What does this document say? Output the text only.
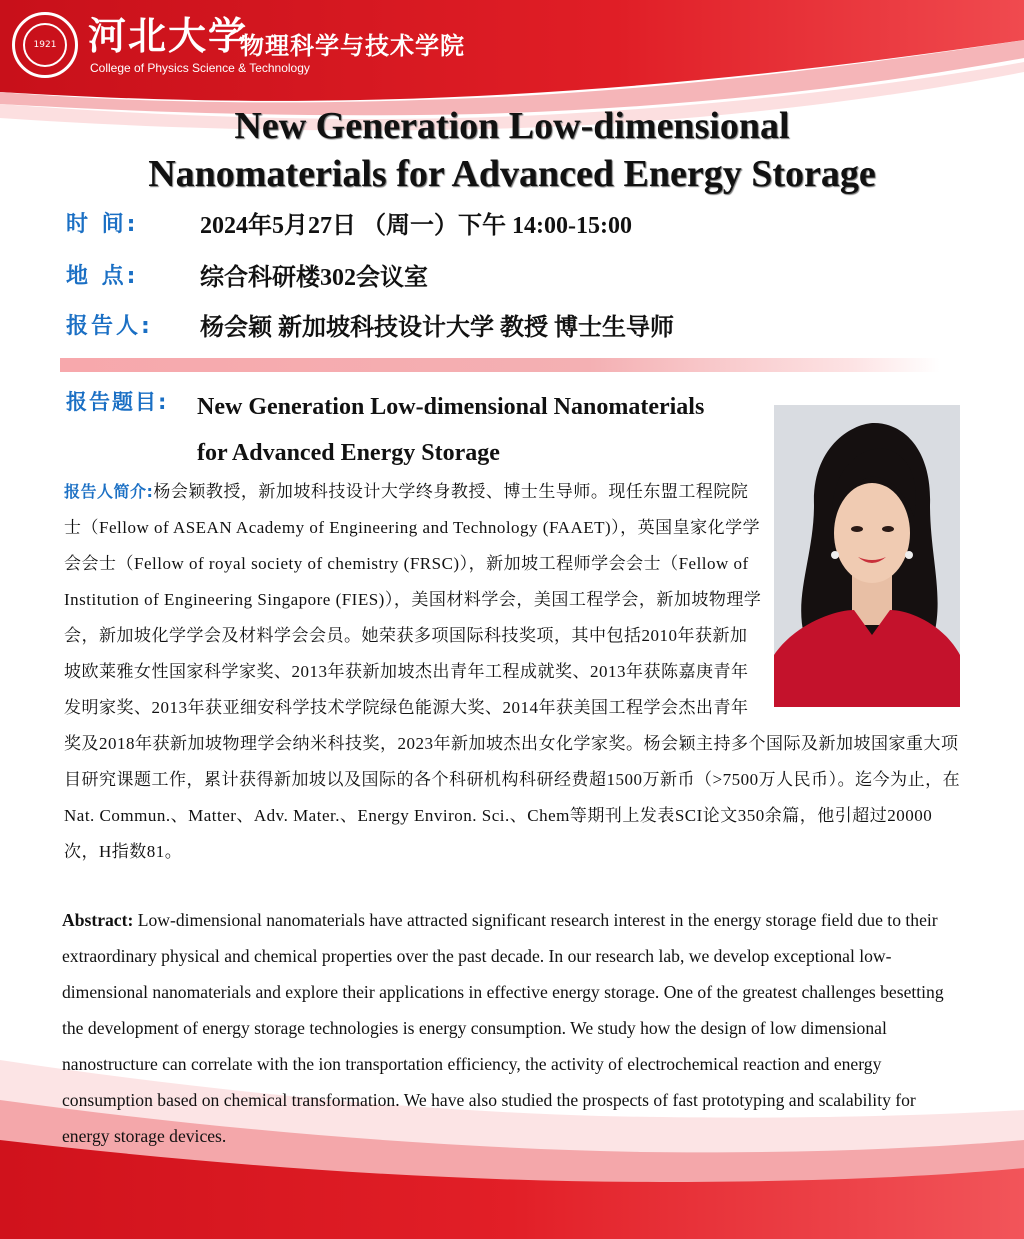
1921 河北大学
物理科学与技术学院
College of Physics Science & Technology
New Generation Low-dimensional
Nanomaterials for Advanced Energy Storage
时 间:	2024年5月27日 （周一）下午 14:00-15:00
地 点:	综合科研楼302会议室
报告人:	杨会颖 新加坡科技设计大学 教授 博士生导师
报告题目: New Generation Low-dimensional Nanomaterials
for Advanced Energy Storage
报告人简介:杨会颖教授，新加坡科技设计大学终身教授、博士生导师。现任东盟工程院院士（Fellow of ASEAN Academy of Engineering and Technology (FAAET)），英国皇家化学学会会士（Fellow of royal society of chemistry (FRSC)），新加坡工程师学会会士（Fellow of Institution of Engineering Singapore (FIES)），美国材料学会，美国工程学会，新加坡物理学会，新加坡化学学会及材料学会会员。她荣获多项国际科技奖项，其中包括2010年获新加坡欧莱雅女性国家科学家奖、2013年获新加坡杰出青年工程成就奖、2013年获陈嘉庚青年发明家奖、2013年获亚细安科学技术学院绿色能源大奖、2014年获美国工程学会杰出青年奖及2018年获新加坡物理学会纳米科技奖，2023年新加坡杰出女化学家奖。杨会颖主持多个国际及新加坡国家重大项目研究课题工作，累计获得新加坡以及国际的各个科研机构科研经费超1500万新币（>7500万人民币）。迄今为止，在Nat. Commun.、Matter、Adv. Mater.、Energy Environ. Sci.、Chem等期刊上发表SCI论文350余篇，他引超过20000次，H指数81。
Abstract: Low-dimensional nanomaterials have attracted significant research interest in the energy storage field due to their extraordinary physical and chemical properties over the past decade. In our research lab, we develop exceptional low-dimensional nanomaterials and explore their applications in effective energy storage. One of the greatest challenges besetting the development of energy storage technologies is energy consumption. We study how the design of low dimensional nanostructure can correlate with the ion transportation efficiency, the activity of electrochemical reaction and energy consumption based on chemical transformation. We have also studied the prospects of fast prototyping and scalability for energy storage devices.
